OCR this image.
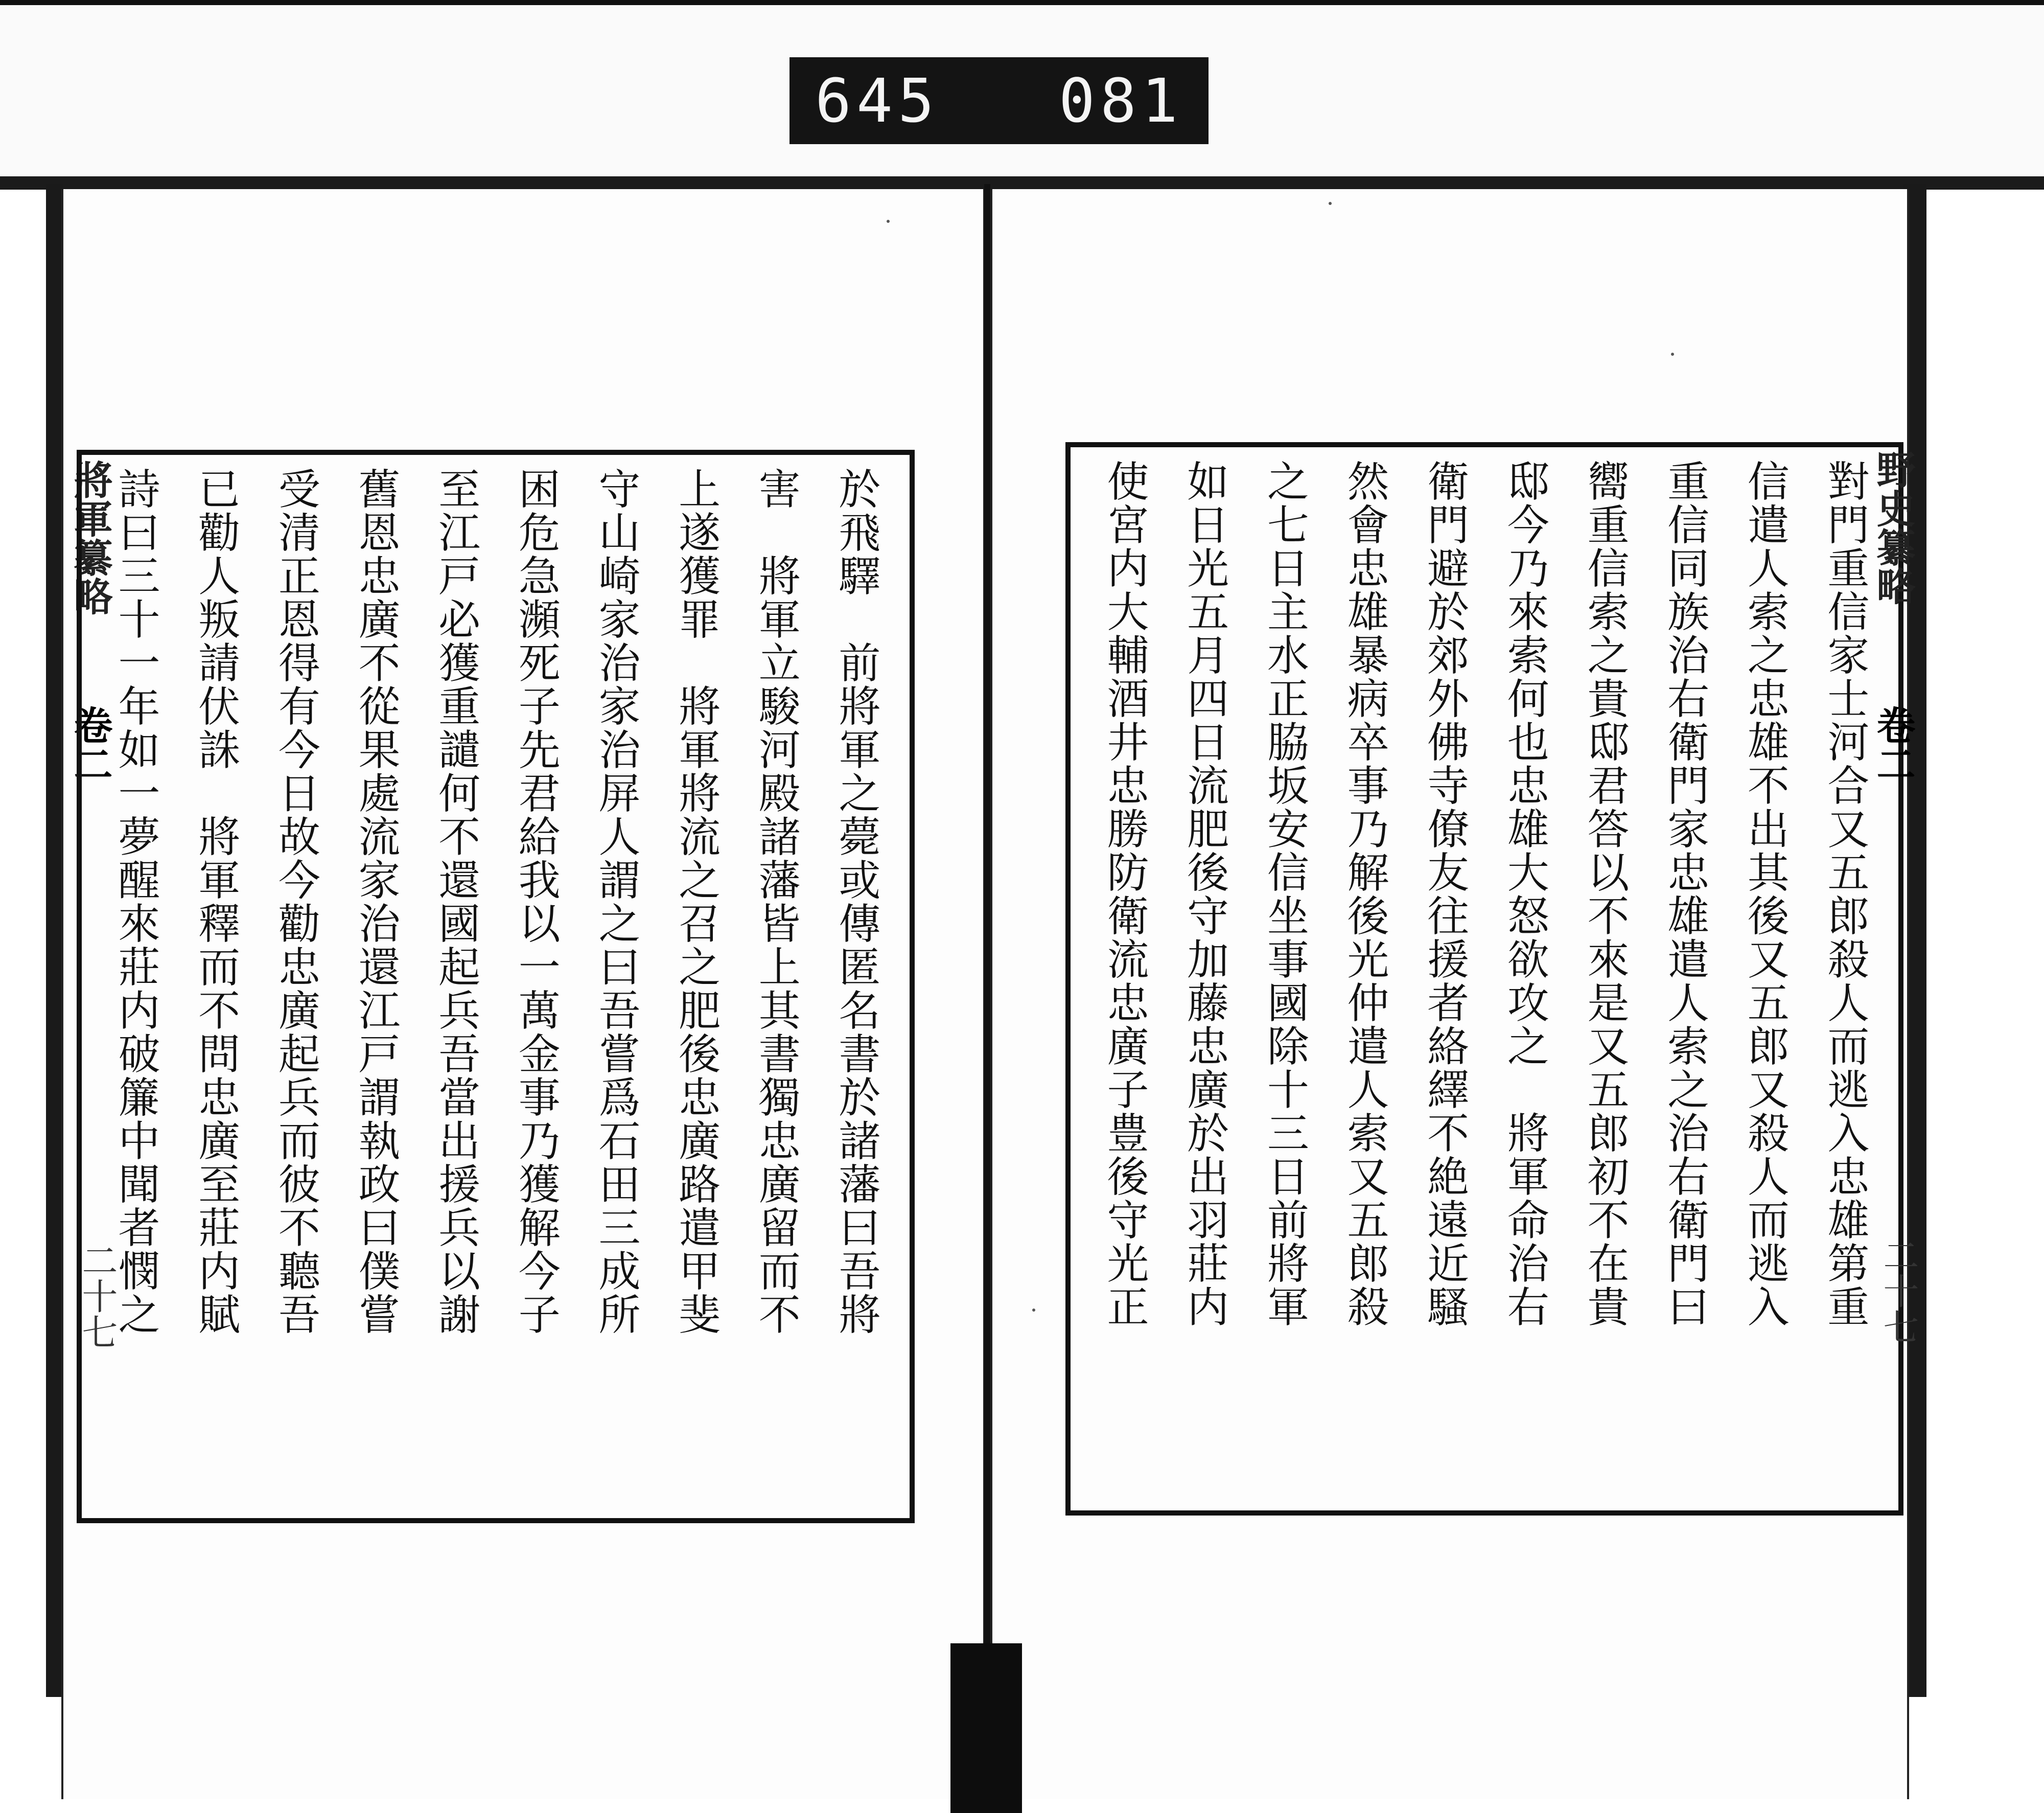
645 081
將軍纂略
卷二
二十七	於飛驛　前將軍之薨或傳匿名書於諸藩曰吾將
害　將軍立駿河殿諸藩皆上其書獨忠廣留而不
上遂獲罪　將軍將流之召之肥後忠廣路遣甲斐
守山崎家治家治屏人謂之曰吾嘗爲石田三成所
困危急瀕死子先君給我以一萬金事乃獲解今子
至江戸必獲重譴何不還國起兵吾當出援兵以謝
舊恩忠廣不從果處流家治還江戸謂執政曰僕嘗
受清正恩得有今日故今勸忠廣起兵而彼不聽吾
已勸人叛請伏誅　將軍釋而不問忠廣至莊内賦
詩曰三十一年如一夢醒來莊内破簾中聞者憫之	對門重信家士河合又五郎殺人而逃入忠雄第重
信遣人索之忠雄不出其後又五郎又殺人而逃入
重信同族治右衛門家忠雄遣人索之治右衛門曰
嚮重信索之貴邸君答以不來是又五郎初不在貴
邸今乃來索何也忠雄大怒欲攻之　將軍命治右
衛門避於郊外佛寺僚友往援者絡繹不絶遠近騷
然會忠雄暴病卒事乃解後光仲遣人索又五郎殺
之七日主水正脇坂安信坐事國除十三日前將軍
如日光五月四日流肥後守加藤忠廣於出羽莊内
使宮内大輔酒井忠勝防衛流忠廣子豊後守光正	野史纂略
卷二
二十七
